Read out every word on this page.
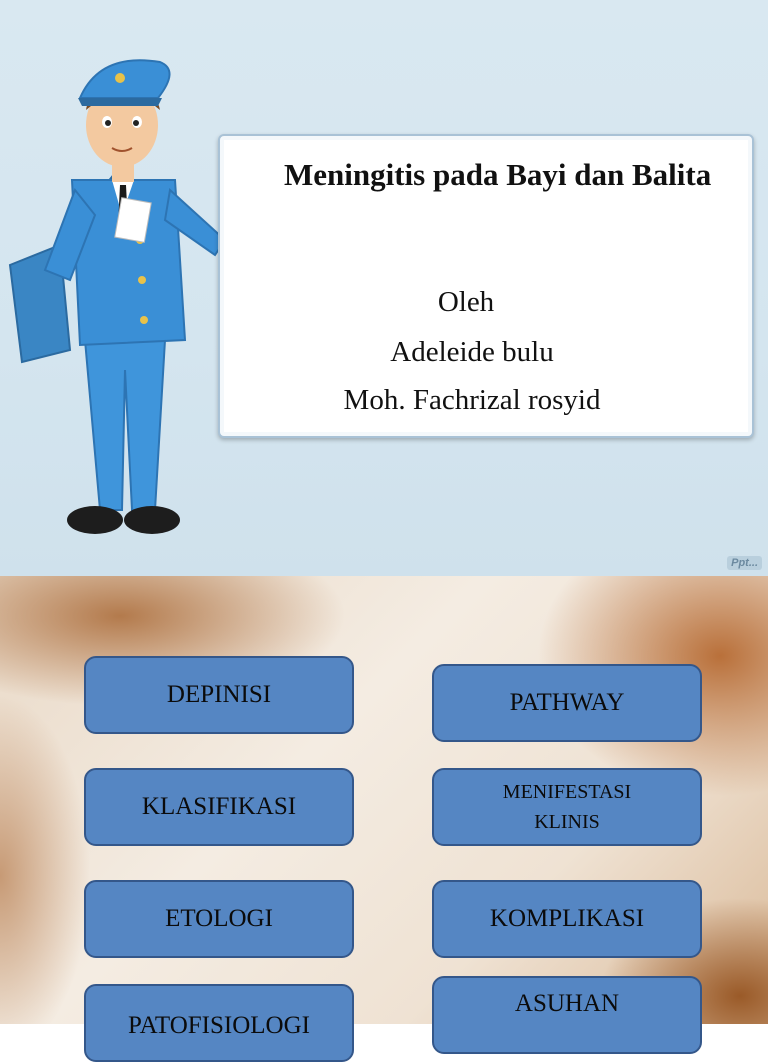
Meningitis pada Bayi dan Balita
Oleh
Adeleide bulu
Moh. Fachrizal rosyid
Ppt...
DEPINISI	PATHWAY
KLASIFIKASI
MENIFESTASI
KLINIS
ETOLOGI	KOMPLIKASI
PATOFISIOLOGI
ASUHAN
